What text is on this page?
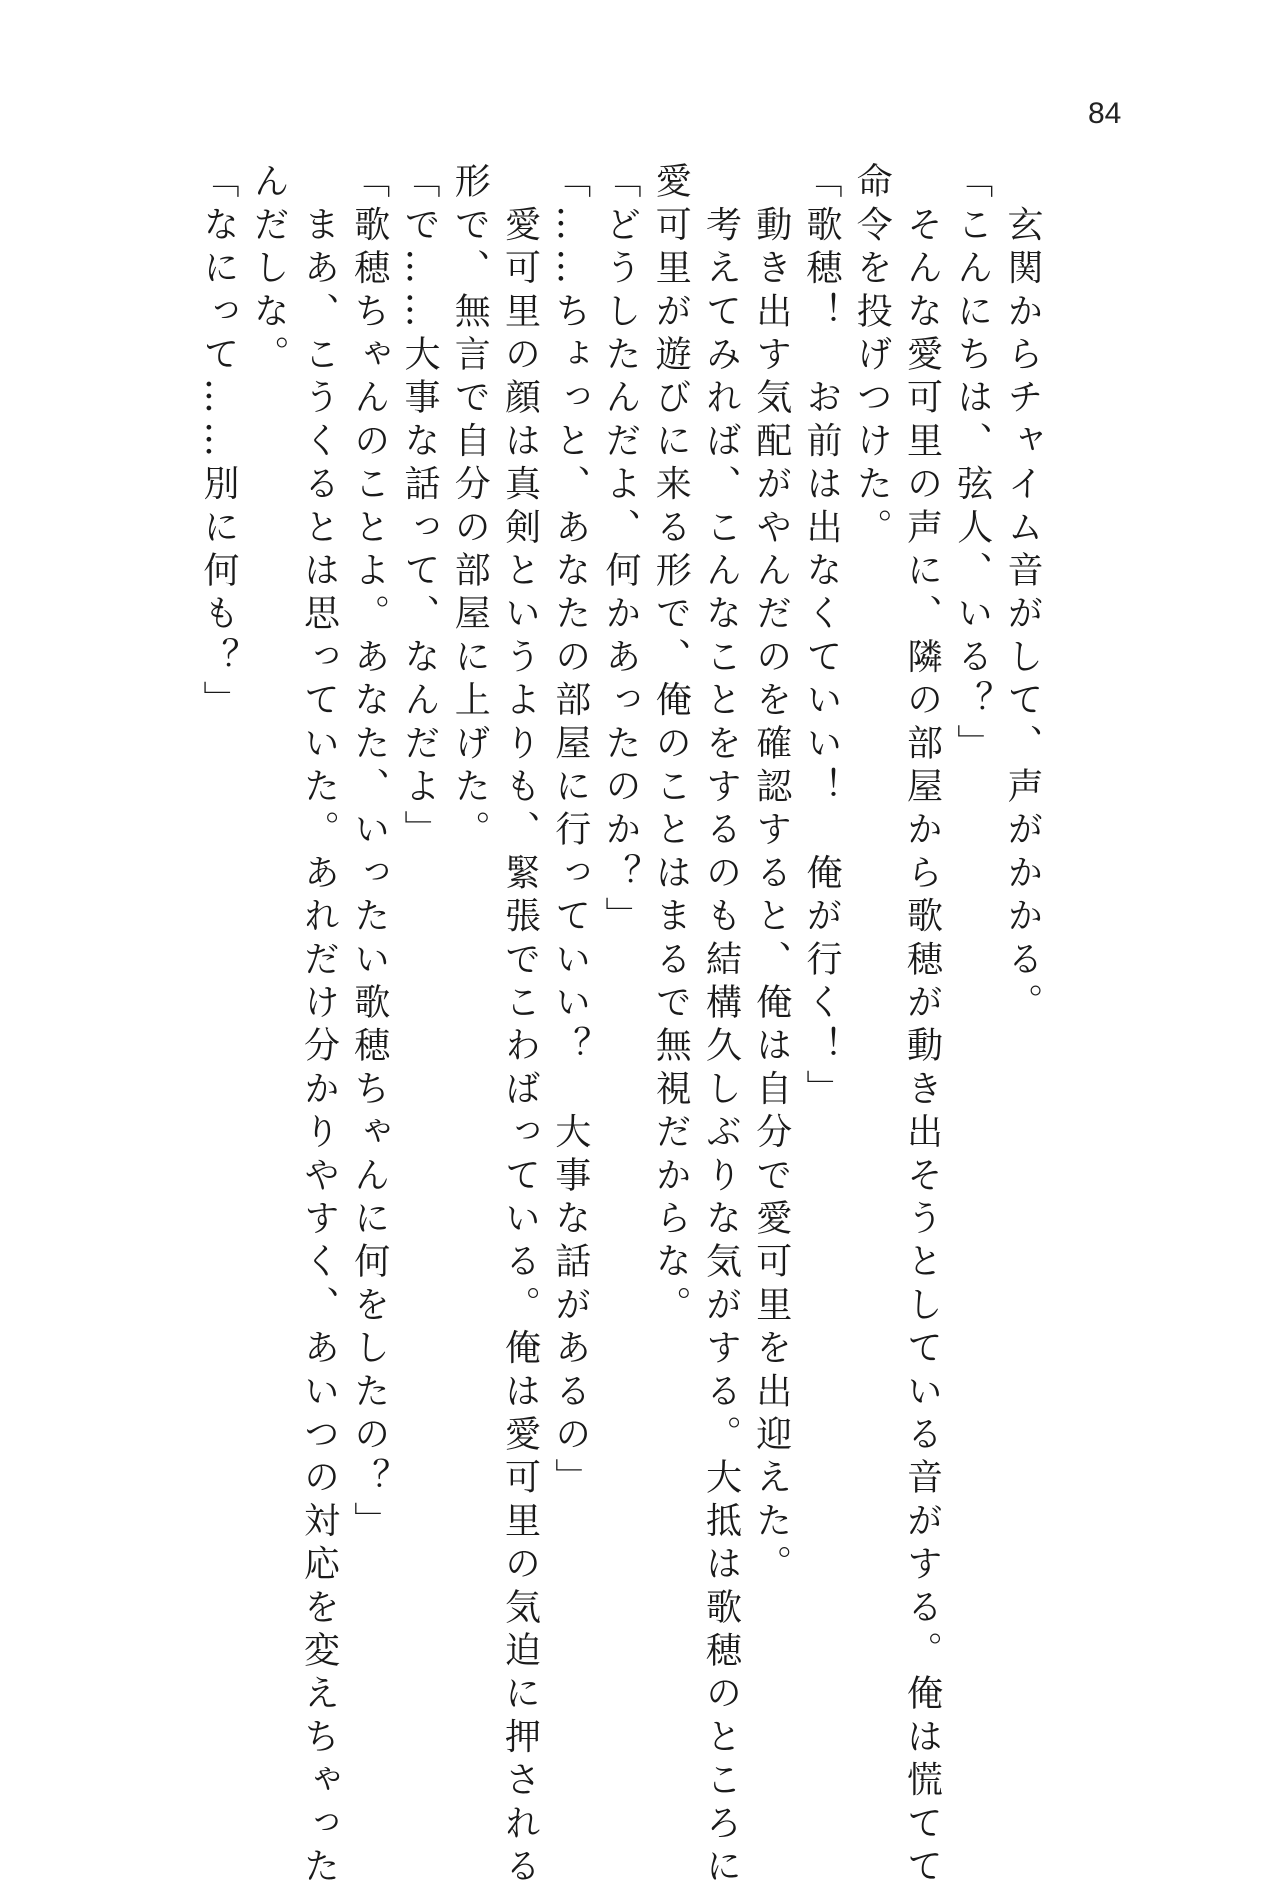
84

　玄関からチャイム音がして、声がかかる。

「こんにちは、弦人、いる？」

　そんな愛可里の声に、隣の部屋から歌穂が動き出そうとしている音がする。俺は慌てて

命令を投げつけた。

「歌穂！　お前は出なくていい！　俺が行く！」

　動き出す気配がやんだのを確認すると、俺は自分で愛可里を出迎えた。

　考えてみれば、こんなことをするのも結構久しぶりな気がする。大抵は歌穂のところに

愛可里が遊びに来る形で、俺のことはまるで無視だからな。

「どうしたんだよ、何かあったのか？」

「……ちょっと、あなたの部屋に行っていい？　大事な話があるの」

　愛可里の顔は真剣というよりも、緊張でこわばっている。俺は愛可里の気迫に押される

形で、無言で自分の部屋に上げた。

「で……大事な話って、なんだよ」

「歌穂ちゃんのことよ。あなた、いったい歌穂ちゃんに何をしたの？」

　まあ、こうくるとは思っていた。あれだけ分かりやすく、あいつの対応を変えちゃった

んだしな。

「なにって……別に何も？」
